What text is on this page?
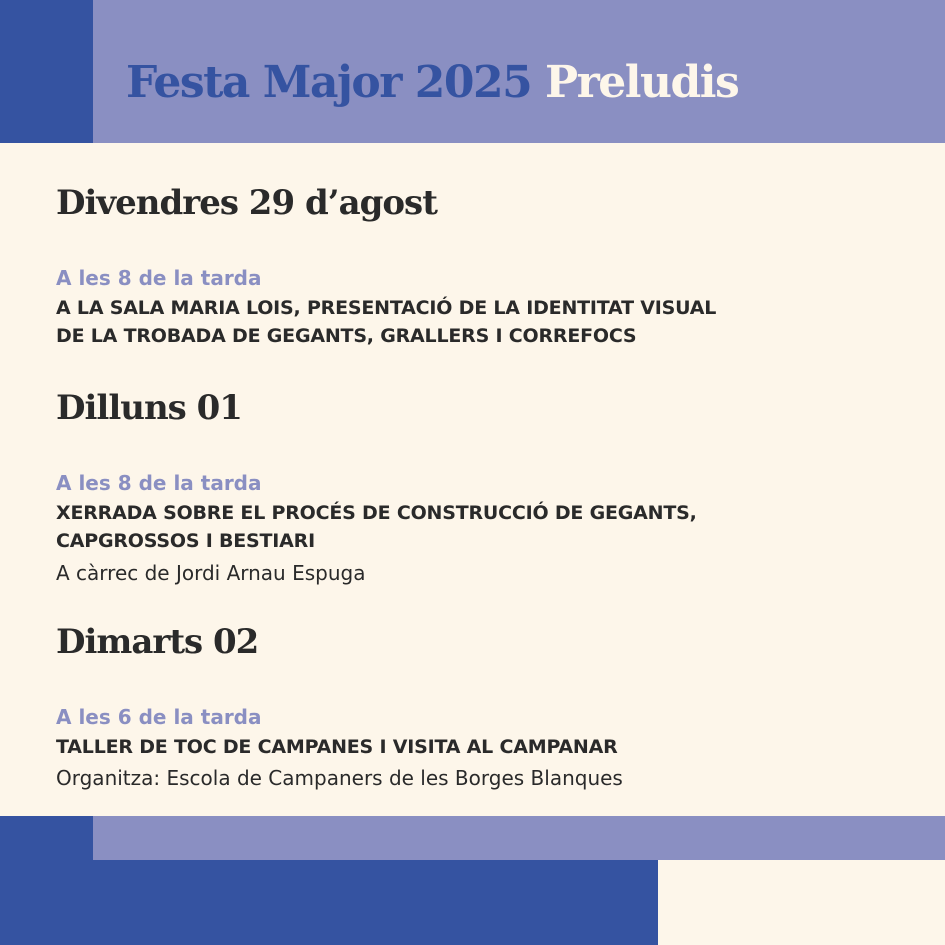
Festa Major 2025 Preludis
Divendres 29 d’agost
A les 8 de la tarda
A LA SALA MARIA LOIS, PRESENTACIÓ DE LA IDENTITAT VISUAL
DE LA TROBADA DE GEGANTS, GRALLERS I CORREFOCS
Dilluns 01
A les 8 de la tarda
XERRADA SOBRE EL PROCÉS DE CONSTRUCCIÓ DE GEGANTS,
CAPGROSSOS I BESTIARI
A càrrec de Jordi Arnau Espuga
Dimarts 02
A les 6 de la tarda
TALLER DE TOC DE CAMPANES I VISITA AL CAMPANAR
Organitza: Escola de Campaners de les Borges Blanques
